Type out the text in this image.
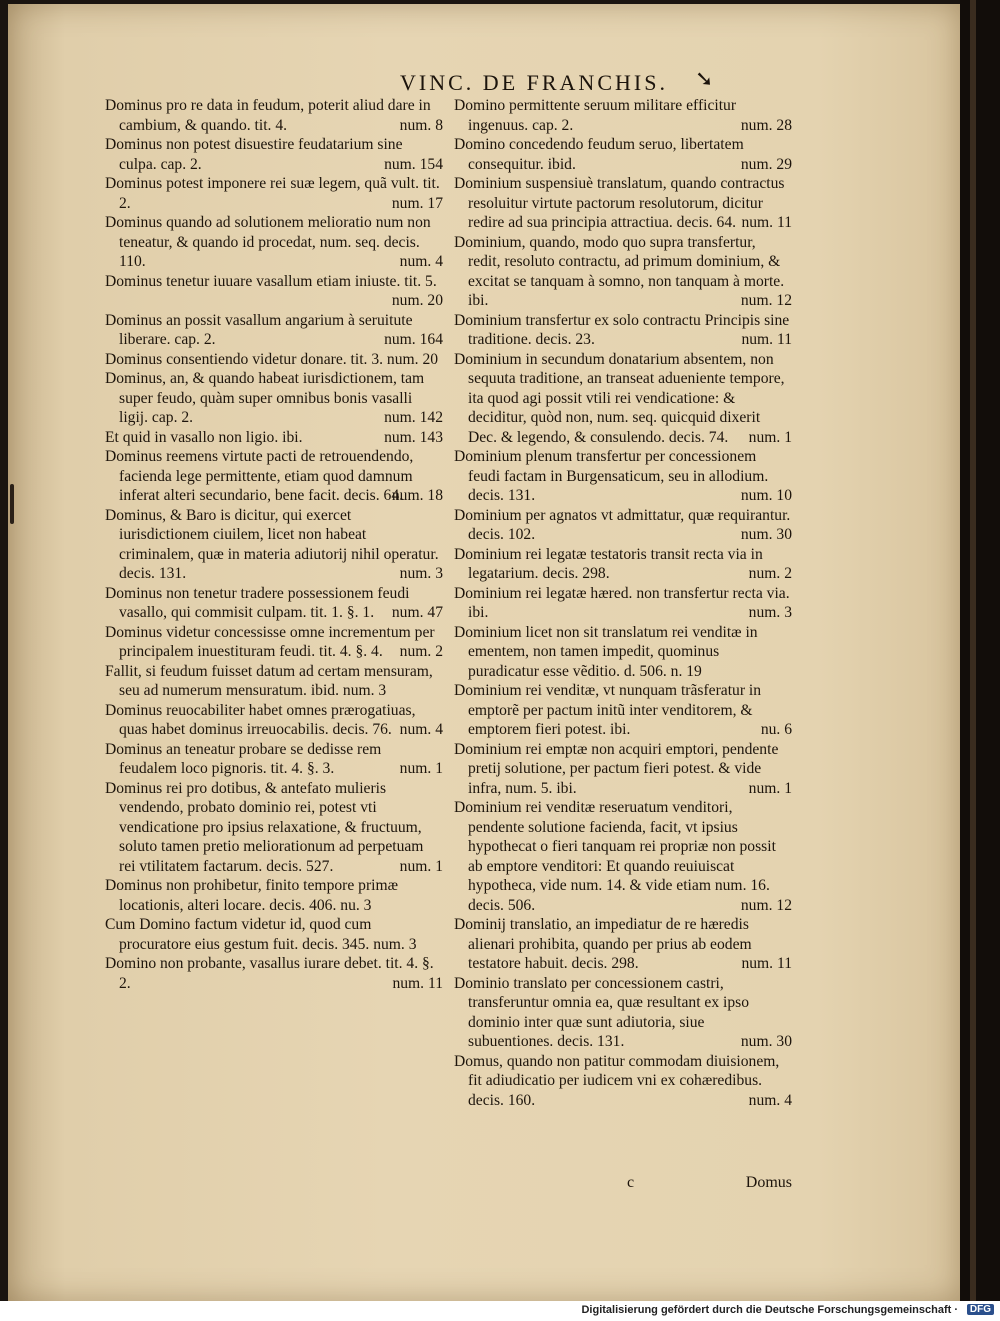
VINC. DE FRANCHIS.	➘

Dominus pro re data in feudum, poterit aliud dare in cambium, & quando. tit. 4.	num. 8

Dominus non potest disuestire feudatarium sine culpa. cap. 2.	num. 154

Dominus potest imponere rei suæ legem, quã vult. tit. 2.	num. 17

Dominus quando ad solutionem melioratio num non teneatur, & quando id procedat, num. seq. decis. 110.	num. 4

Dominus tenetur iuuare vasallum etiam iniuste. tit. 5.
num. 20

Dominus an possit vasallum angarium à seruitute liberare. cap. 2.	num. 164

Dominus consentiendo videtur donare. tit. 3. num. 20

Dominus, an, & quando habeat iurisdictionem, tam super feudo, quàm super omnibus bonis vasalli ligij. cap. 2.	num. 142

Et quid in vasallo non ligio. ibi.	num. 143

Dominus reemens virtute pacti de retrouendendo, facienda lege permittente, etiam quod damnum inferat alteri secundario, bene facit. decis. 64.
num. 18

Dominus, & Baro is dicitur, qui exercet iurisdictionem ciuilem, licet non habeat criminalem, quæ in materia adiutorij nihil operatur. decis. 131.	num. 3

Dominus non tenetur tradere possessionem feudi vasallo, qui commisit culpam. tit. 1. §. 1. num. 47

Dominus videtur concessisse omne incrementum per principalem inuestituram feudi. tit. 4. §. 4. num. 2

Fallit, si feudum fuisset datum ad certam mensuram, seu ad numerum mensuratum. ibid. num. 3

Dominus reuocabiliter habet omnes prærogatiuas, quas habet dominus irreuocabilis. decis. 76. num. 4

Dominus an teneatur probare se dedisse rem feudalem loco pignoris. tit. 4. §. 3.	num. 1

Dominus rei pro dotibus, & antefato mulieris vendendo, probato dominio rei, potest vti vendicatione pro ipsius relaxatione, & fructuum, soluto tamen pretio meliorationum ad perpetuam rei vtilitatem factarum. decis. 527.	num. 1

Dominus non prohibetur, finito tempore primæ locationis, alteri locare. decis. 406. nu. 3

Cum Domino factum videtur id, quod cum procuratore eius gestum fuit. decis. 345. num. 3

Domino non probante, vasallus iurare debet. tit. 4. §. 2.	num. 11

Domino permittente seruum militare efficitur ingenuus. cap. 2.	num. 28

Domino concedendo feudum seruo, libertatem consequitur. ibid.	num. 29

Dominium suspensiuè translatum, quando contractus resoluitur virtute pactorum resolutorum, dicitur redire ad sua principia attractiua. decis. 64. num. 11

Dominium, quando, modo quo supra transfertur, redit, resoluto contractu, ad primum dominium, & excitat se tanquam à somno, non tanquam à morte. ibi.	num. 12

Dominium transfertur ex solo contractu Principis sine traditione. decis. 23.	num. 11

Dominium in secundum donatarium absentem, non sequuta traditione, an transeat adueniente tempore, ita quod agi possit vtili rei vendicatione: & deciditur, quòd non, num. seq. quicquid dixerit Dec. & legendo, & consulendo. decis. 74. num. 1

Dominium plenum transfertur per concessionem feudi factam in Burgensaticum, seu in allodium. decis. 131.	num. 10

Dominium per agnatos vt admittatur, quæ requirantur. decis. 102.	num. 30

Dominium rei legatæ testatoris transit recta via in legatarium. decis. 298.	num. 2

Dominium rei legatæ hæred. non transfertur recta via. ibi.	num. 3

Dominium licet non sit translatum rei venditæ in ementem, non tamen impedit, quominus puradicatur esse vẽditio. d. 506. n. 19

Dominium rei venditæ, vt nunquam trãsferatur in emptorẽ per pactum initũ inter venditorem, & emptorem fieri potest. ibi.	nu. 6

Dominium rei emptæ non acquiri emptori, pendente pretij solutione, per pactum fieri potest. & vide infra, num. 5. ibi.	num. 1

Dominium rei venditæ reseruatum venditori, pendente solutione facienda, facit, vt ipsius hypothecat o fieri tanquam rei propriæ non possit ab emptore venditori: Et quando reuiuiscat hypotheca, vide num. 14. & vide etiam num. 16. decis. 506.	num. 12

Dominij translatio, an impediatur de re hæredis alienari prohibita, quando per prius ab eodem testatore habuit. decis. 298.	num. 11

Dominio translato per concessionem castri, transferuntur omnia ea, quæ resultant ex ipso dominio inter quæ sunt adiutoria, siue subuentiones. decis. 131.	num. 30

Domus, quando non patitur commodam diuisionem, fit adiudicatio per iudicem vni ex cohæredibus. decis. 160.	num. 4

c	Domus
Digitalisierung gefördert durch die Deutsche Forschungsgemeinschaft ·	DFG
